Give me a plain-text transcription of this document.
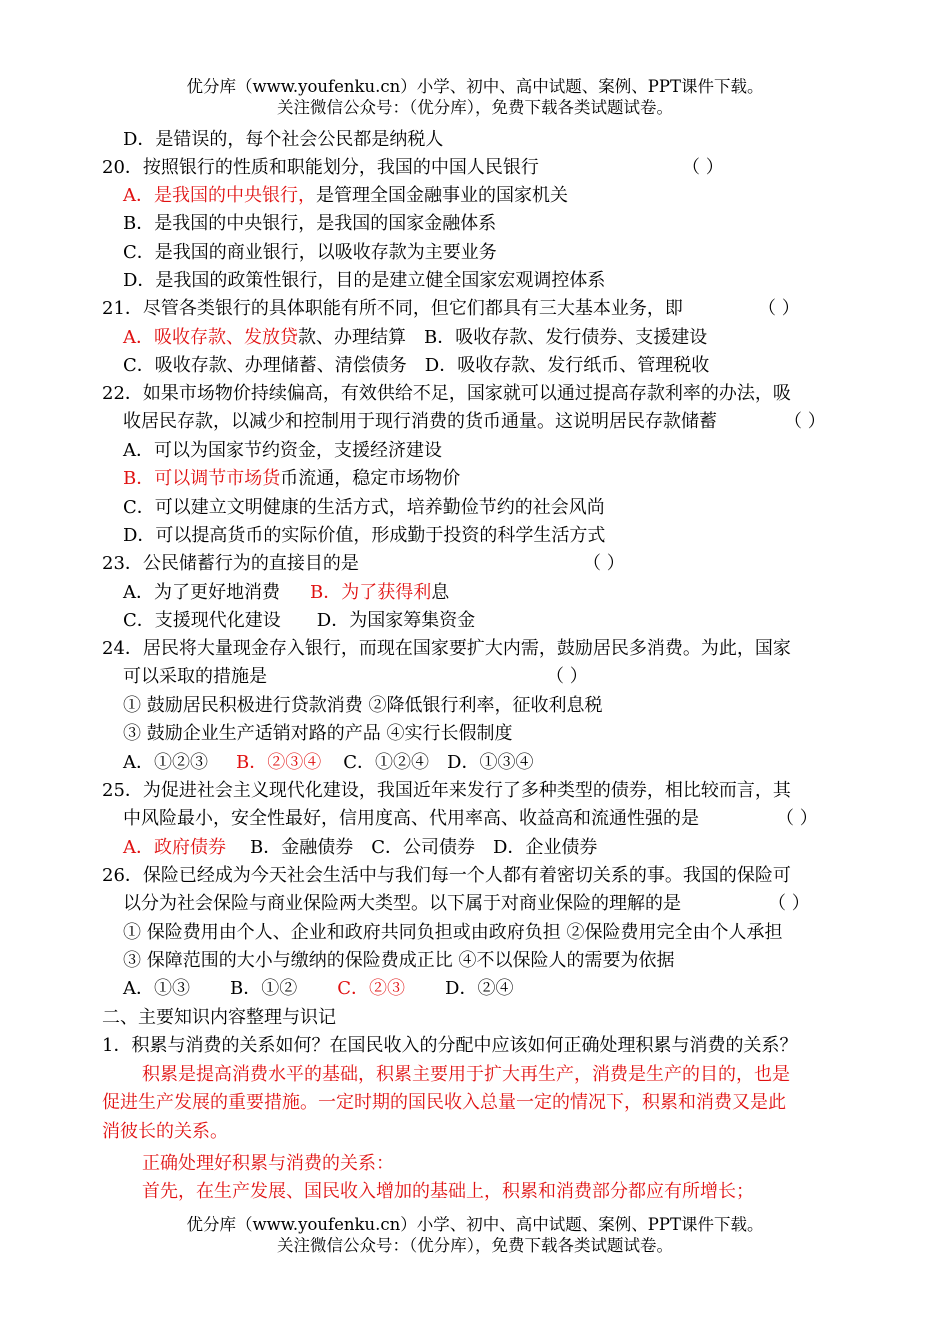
优分库（www.youfenku.cn）小学、初中、高中试题、案例、PPT课件下载。
关注微信公众号：（优分库），免费下载各类试题试卷。
D．是错误的，每个社会公民都是纳税人
20．按照银行的性质和职能划分，我国的中国人民银行	（ ）
A．是我国的中央银行，是管理全国金融事业的国家机关
B．是我国的中央银行，是我国的国家金融体系
C．是我国的商业银行，以吸收存款为主要业务
D．是我国的政策性银行，目的是建立健全国家宏观调控体系
21．尽管各类银行的具体职能有所不同，但它们都具有三大基本业务，即	（ ）
A．吸收存款、发放贷款、办理结算　B．吸收存款、发行债券、支援建设
C．吸收存款、办理储蓄、清偿债务　D．吸收存款、发行纸币、管理税收
22．如果市场物价持续偏高，有效供给不足，国家就可以通过提高存款利率的办法，吸
收居民存款，以减少和控制用于现行消费的货币通量。这说明居民存款储蓄	（ ）
A．可以为国家节约资金，支援经济建设
B．可以调节市场货币流通，稳定市场物价
C．可以建立文明健康的生活方式，培养勤俭节约的社会风尚
D．可以提高货币的实际价值，形成勤于投资的科学生活方式
23．公民储蓄行为的直接目的是	（ ）
A．为了更好地消费 B．为了获得利息
C．支援现代化建设　　D．为国家筹集资金
24．居民将大量现金存入银行，而现在国家要扩大内需，鼓励居民多消费。为此，国家
可以采取的措施是	（ ）
① 鼓励居民积极进行贷款消费 ②降低银行利率，征收利息税
③ 鼓励企业生产适销对路的产品 ④实行长假制度
A．①②③ B．②③④ C．①②④　D．①③④
25．为促进社会主义现代化建设，我国近年来发行了多种类型的债券，相比较而言，其
中风险最小，安全性最好，信用度高、代用率高、收益高和流通性强的是	（ ）
A．政府债券 B．金融债券　C．公司债券　D．企业债券
26．保险已经成为今天社会生活中与我们每一个人都有着密切关系的事。我国的保险可
以分为社会保险与商业保险两大类型。以下属于对商业保险的理解的是	（ ）
① 保险费用由个人、企业和政府共同负担或由政府负担 ②保险费用完全由个人承担
③ 保障范围的大小与缴纳的保险费成正比 ④不以保险人的需要为依据
A．①③ B．①② C．②③ D．②④
二、主要知识内容整理与识记
1．积累与消费的关系如何？在国民收入的分配中应该如何正确处理积累与消费的关系？
积累是提高消费水平的基础，积累主要用于扩大再生产，消费是生产的目的，也是
促进生产发展的重要措施。一定时期的国民收入总量一定的情况下，积累和消费又是此
消彼长的关系。
正确处理好积累与消费的关系：
首先，在生产发展、国民收入增加的基础上，积累和消费部分都应有所增长；
优分库（www.youfenku.cn）小学、初中、高中试题、案例、PPT课件下载。
关注微信公众号：（优分库），免费下载各类试题试卷。
